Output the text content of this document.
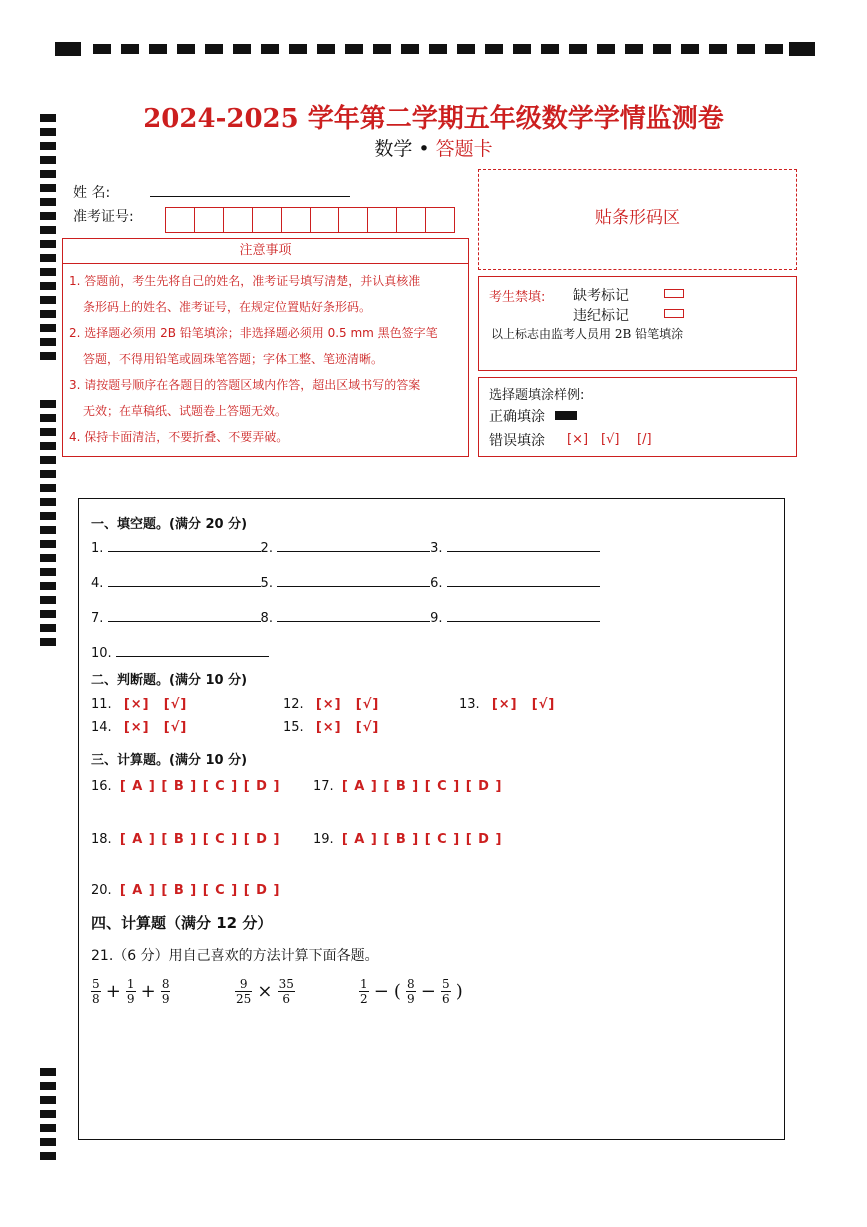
2024-2025 学年第二学期五年级数学学情监测卷
数学 • 答题卡
姓 名:
准考证号:
注意事项
1. 答题前，考生先将自己的姓名，准考证号填写清楚，并认真核准
条形码上的姓名、准考证号，在规定位置贴好条形码。
2. 选择题必须用 2B 铅笔填涂；非选择题必须用 0.5 mm 黑色签字笔
答题，不得用铅笔或圆珠笔答题；字体工整、笔迹清晰。
3. 请按题号顺序在各题目的答题区域内作答，超出区域书写的答案
无效；在草稿纸、试题卷上答题无效。
4. 保持卡面清洁，不要折叠、不要弄破。
贴条形码区
考生禁填: 缺考标记
违纪标记
以上标志由监考人员用 2B 铅笔填涂
选择题填涂样例:
正确填涂
错误填涂 [×] [√] [/]
一、填空题。(满分 20 分)
1.	2.	3.
4.	5.	6.
7.	8.	9.
10.
二、判断题。(满分 10 分)
11. [×] [√]	12. [×] [√]	13. [×] [√]
14. [×] [√]	15. [×] [√]
三、计算题。(满分 10 分)
16. [ A ] [ B ] [ C ] [ D ]	17. [ A ] [ B ] [ C ] [ D ]
18. [ A ] [ B ] [ C ] [ D ]	19. [ A ] [ B ] [ C ] [ D ]
20. [ A ] [ B ] [ C ] [ D ]
四、计算题（满分 12 分）
21.（6 分）用自己喜欢的方法计算下面各题。
$\frac{5}{8} + \frac{1}{9} + \frac{8}{9}$	$\frac{9}{25} \times \frac{35}{6}$	$\frac{1}{2}$ − ( $\frac{8}{9} - \frac{5}{6}$ )
